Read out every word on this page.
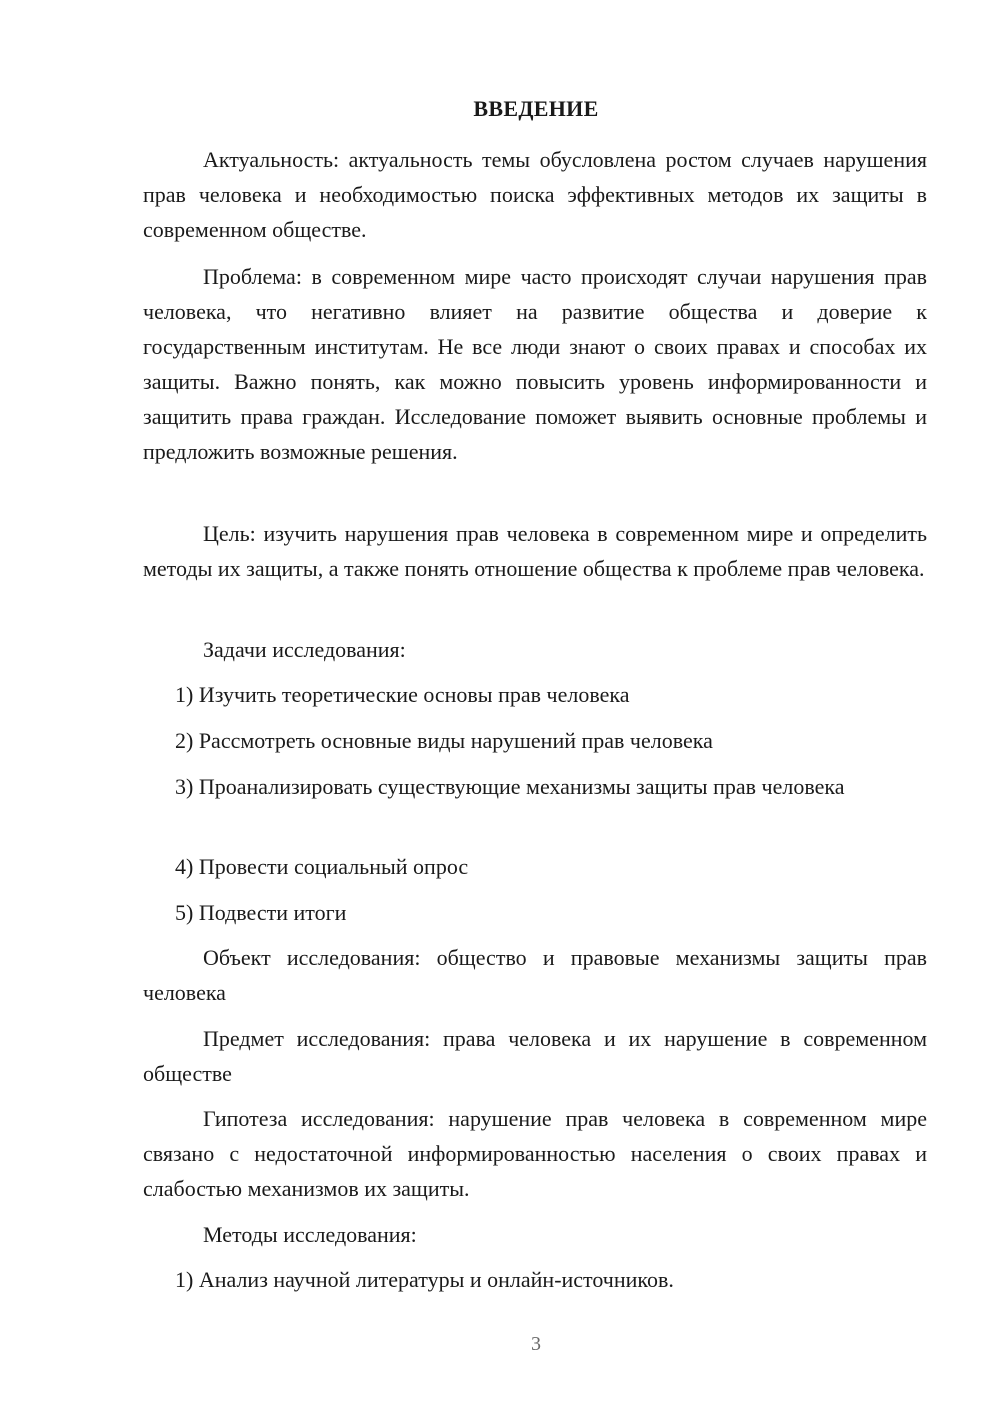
ВВЕДЕНИЕ
Актуальность: актуальность темы обусловлена ростом случаев нарушения прав человека и необходимостью поиска эффективных методов их защиты в современном обществе.
Проблема: в современном мире часто происходят случаи нарушения прав человека, что негативно влияет на развитие общества и доверие к государственным институтам. Не все люди знают о своих правах и способах их защиты. Важно понять, как можно повысить уровень информированности и защитить права граждан. Исследование поможет выявить основные проблемы и предложить возможные решения.
Цель: изучить нарушения прав человека в современном мире и определить методы их защиты, а также понять отношение общества к проблеме прав человека.
Задачи исследования:
1) Изучить теоретические основы прав человека
2) Рассмотреть основные виды нарушений прав человека
3) Проанализировать существующие механизмы защиты прав человека
4) Провести социальный опрос
5) Подвести итоги
Объект исследования: общество и правовые механизмы защиты прав человека
Предмет исследования: права человека и их нарушение в современном обществе
Гипотеза исследования: нарушение прав человека в современном мире связано с недостаточной информированностью населения о своих правах и слабостью механизмов их защиты.
Методы исследования:
1) Анализ научной литературы и онлайн-источников.
3
